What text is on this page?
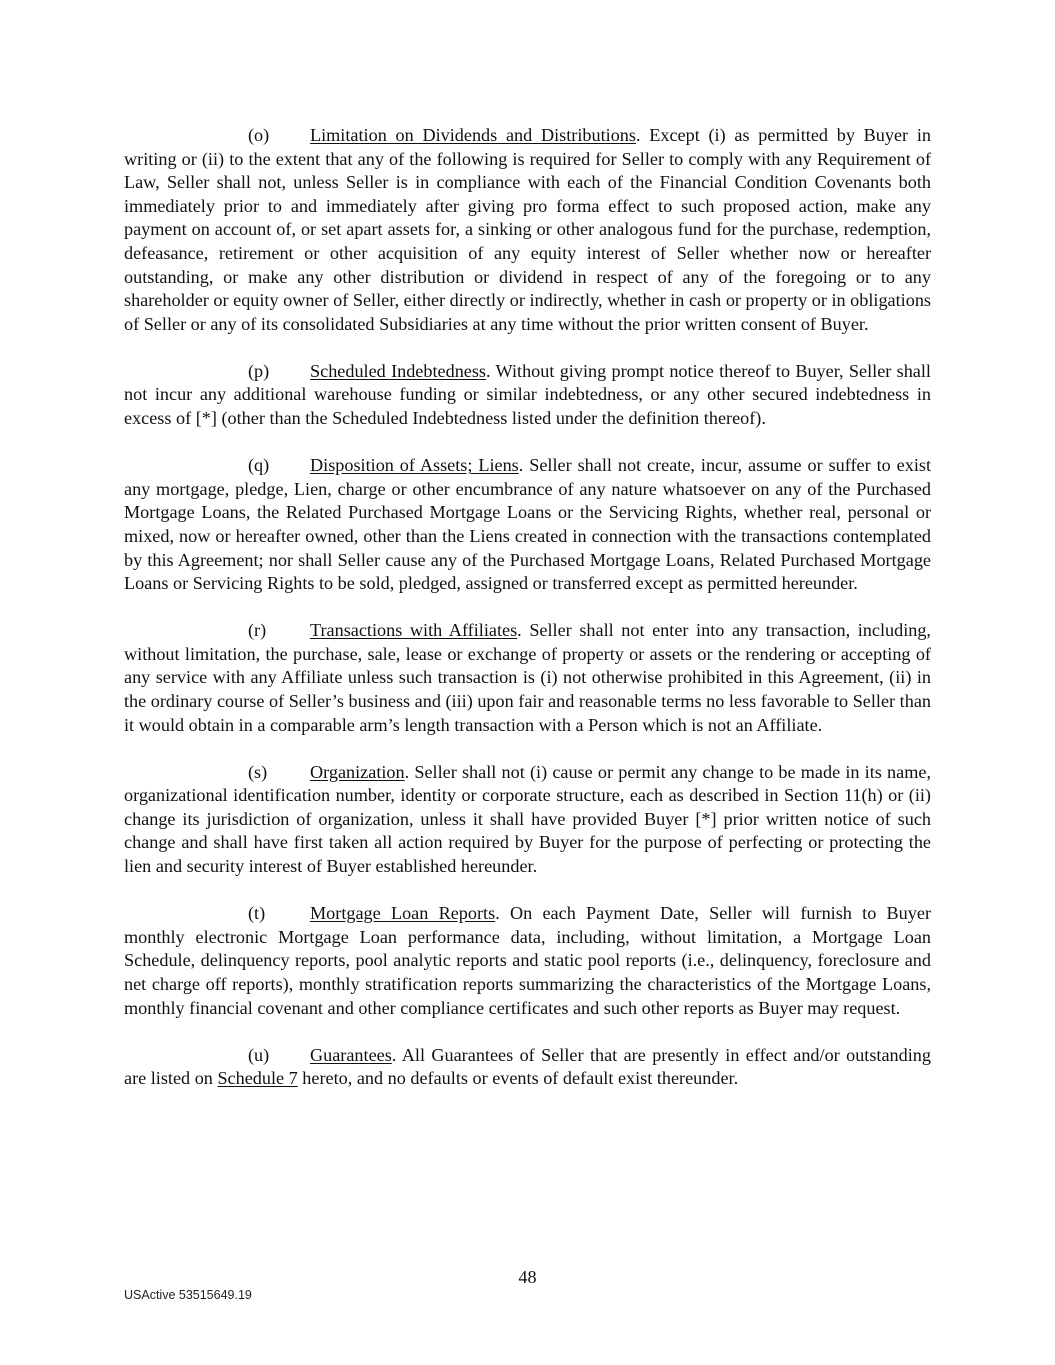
(o) Limitation on Dividends and Distributions. Except (i) as permitted by Buyer in writing or (ii) to the extent that any of the following is required for Seller to comply with any Requirement of Law, Seller shall not, unless Seller is in compliance with each of the Financial Condition Covenants both immediately prior to and immediately after giving pro forma effect to such proposed action, make any payment on account of, or set apart assets for, a sinking or other analogous fund for the purchase, redemption, defeasance, retirement or other acquisition of any equity interest of Seller whether now or hereafter outstanding, or make any other distribution or dividend in respect of any of the foregoing or to any shareholder or equity owner of Seller, either directly or indirectly, whether in cash or property or in obligations of Seller or any of its consolidated Subsidiaries at any time without the prior written consent of Buyer.

(p) Scheduled Indebtedness. Without giving prompt notice thereof to Buyer, Seller shall not incur any additional warehouse funding or similar indebtedness, or any other secured indebtedness in excess of [*] (other than the Scheduled Indebtedness listed under the definition thereof).

(q) Disposition of Assets; Liens. Seller shall not create, incur, assume or suffer to exist any mortgage, pledge, Lien, charge or other encumbrance of any nature whatsoever on any of the Purchased Mortgage Loans, the Related Purchased Mortgage Loans or the Servicing Rights, whether real, personal or mixed, now or hereafter owned, other than the Liens created in connection with the transactions contemplated by this Agreement; nor shall Seller cause any of the Purchased Mortgage Loans, Related Purchased Mortgage Loans or Servicing Rights to be sold, pledged, assigned or transferred except as permitted hereunder.

(r) Transactions with Affiliates. Seller shall not enter into any transaction, including, without limitation, the purchase, sale, lease or exchange of property or assets or the rendering or accepting of any service with any Affiliate unless such transaction is (i) not otherwise prohibited in this Agreement, (ii) in the ordinary course of Seller’s business and (iii) upon fair and reasonable terms no less favorable to Seller than it would obtain in a comparable arm’s length transaction with a Person which is not an Affiliate.

(s) Organization. Seller shall not (i) cause or permit any change to be made in its name, organizational identification number, identity or corporate structure, each as described in Section 11(h) or (ii) change its jurisdiction of organization, unless it shall have provided Buyer [*] prior written notice of such change and shall have first taken all action required by Buyer for the purpose of perfecting or protecting the lien and security interest of Buyer established hereunder.

(t) Mortgage Loan Reports. On each Payment Date, Seller will furnish to Buyer monthly electronic Mortgage Loan performance data, including, without limitation, a Mortgage Loan Schedule, delinquency reports, pool analytic reports and static pool reports (i.e., delinquency, foreclosure and net charge off reports), monthly stratification reports summarizing the characteristics of the Mortgage Loans, monthly financial covenant and other compliance certificates and such other reports as Buyer may request.

(u) Guarantees. All Guarantees of Seller that are presently in effect and/or outstanding are listed on Schedule 7 hereto, and no defaults or events of default exist thereunder.

48
USActive 53515649.19
